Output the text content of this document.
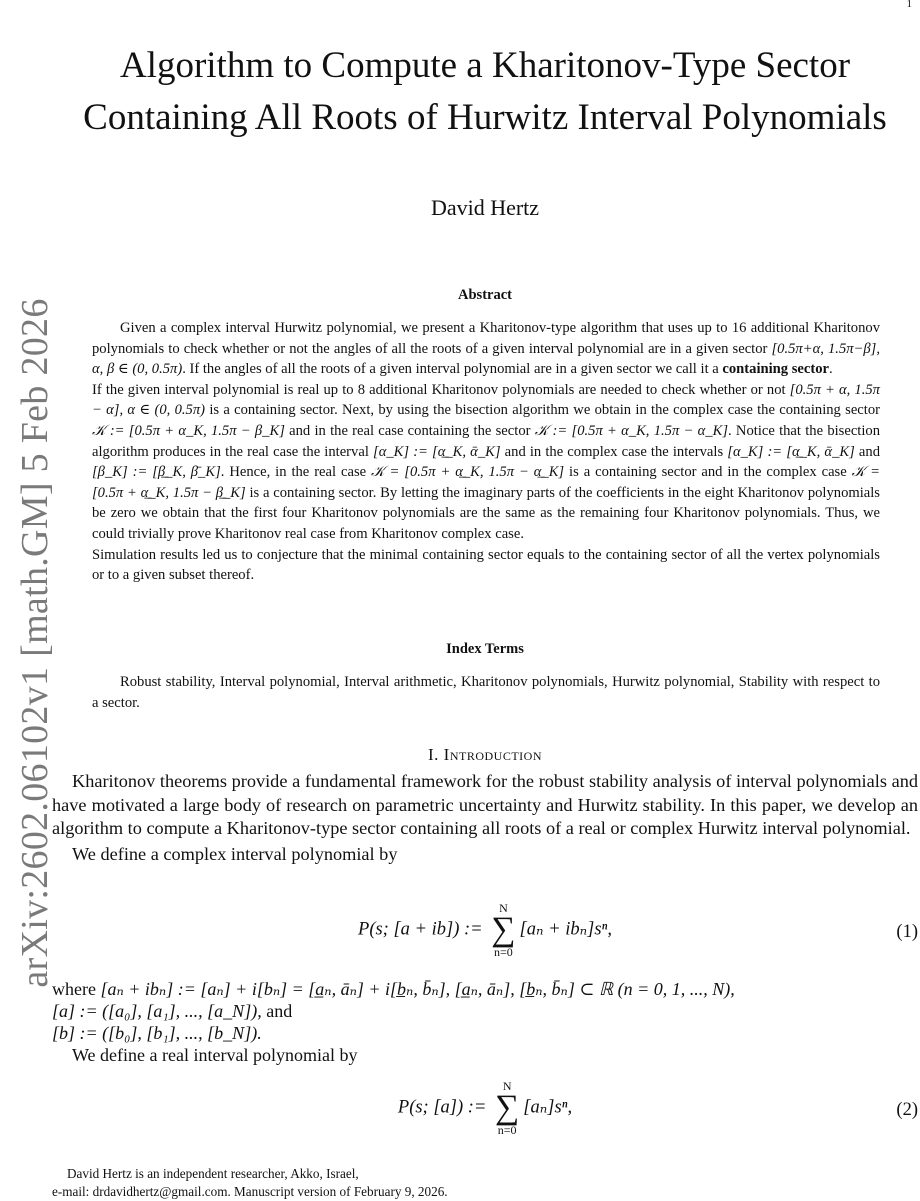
1
arXiv:2602.06102v1 [math.GM] 5 Feb 2026
Algorithm to Compute a Kharitonov-Type Sector Containing All Roots of Hurwitz Interval Polynomials
David Hertz
Abstract

Given a complex interval Hurwitz polynomial, we present a Kharitonov-type algorithm that uses up to 16 additional Kharitonov polynomials to check whether or not the angles of all the roots of a given interval polynomial are in a given sector [0.5π+α, 1.5π−β], α, β ∈ (0, 0.5π). If the angles of all the roots of a given interval polynomial are in a given sector we call it a containing sector.

If the given interval polynomial is real up to 8 additional Kharitonov polynomials are needed to check whether or not [0.5π + α, 1.5π − α], α ∈ (0, 0.5π) is a containing sector. Next, by using the bisection algorithm we obtain in the complex case the containing sector 𝒦 := [0.5π + α_K, 1.5π − β_K] and in the real case containing the sector 𝒦 := [0.5π + α_K, 1.5π − α_K]. Notice that the bisection algorithm produces in the real case the interval [α_K] := [α̲_K, ᾱ_K] and in the complex case the intervals [α_K] := [α̲_K, ᾱ_K] and [β_K] := [β̲_K, β̄_K]. Hence, in the real case 𝒦 = [0.5π + α̲_K, 1.5π − α̲_K] is a containing sector and in the complex case 𝒦 = [0.5π + α̲_K, 1.5π − β̲_K] is a containing sector. By letting the imaginary parts of the coefficients in the eight Kharitonov polynomials be zero we obtain that the first four Kharitonov polynomials are the same as the remaining four Kharitonov polynomials. Thus, we could trivially prove Kharitonov real case from Kharitonov complex case.

Simulation results led us to conjecture that the minimal containing sector equals to the containing sector of all the vertex polynomials or to a given subset thereof.

Index Terms
Robust stability, Interval polynomial, Interval arithmetic, Kharitonov polynomials, Hurwitz polynomial, Stability with respect to a sector.
I. Introduction

Kharitonov theorems provide a fundamental framework for the robust stability analysis of interval polynomials and have motivated a large body of research on parametric uncertainty and Hurwitz stability. In this paper, we develop an algorithm to compute a Kharitonov-type sector containing all roots of a real or complex Hurwitz interval polynomial.

We define a complex interval polynomial by

P(s; [a + ib]) :=
N
∑
n=0
[aₙ + ibₙ]sⁿ,	(1)
where [aₙ + ibₙ] := [aₙ] + i[bₙ] = [a̲ₙ, āₙ] + i[b̲ₙ, b̄ₙ], [a̲ₙ, āₙ], [b̲ₙ, b̄ₙ] ⊂ ℝ (n = 0, 1, ..., N),
[a] := ([a₀], [a₁], ..., [a_N]), and
[b] := ([b₀], [b₁], ..., [b_N]).
We define a real interval polynomial by
P(s; [a]) :=
N
∑
n=0
[aₙ]sⁿ,	(2)
David Hertz is an independent researcher, Akko, Israel,
e-mail: drdavidhertz@gmail.com. Manuscript version of February 9, 2026.
